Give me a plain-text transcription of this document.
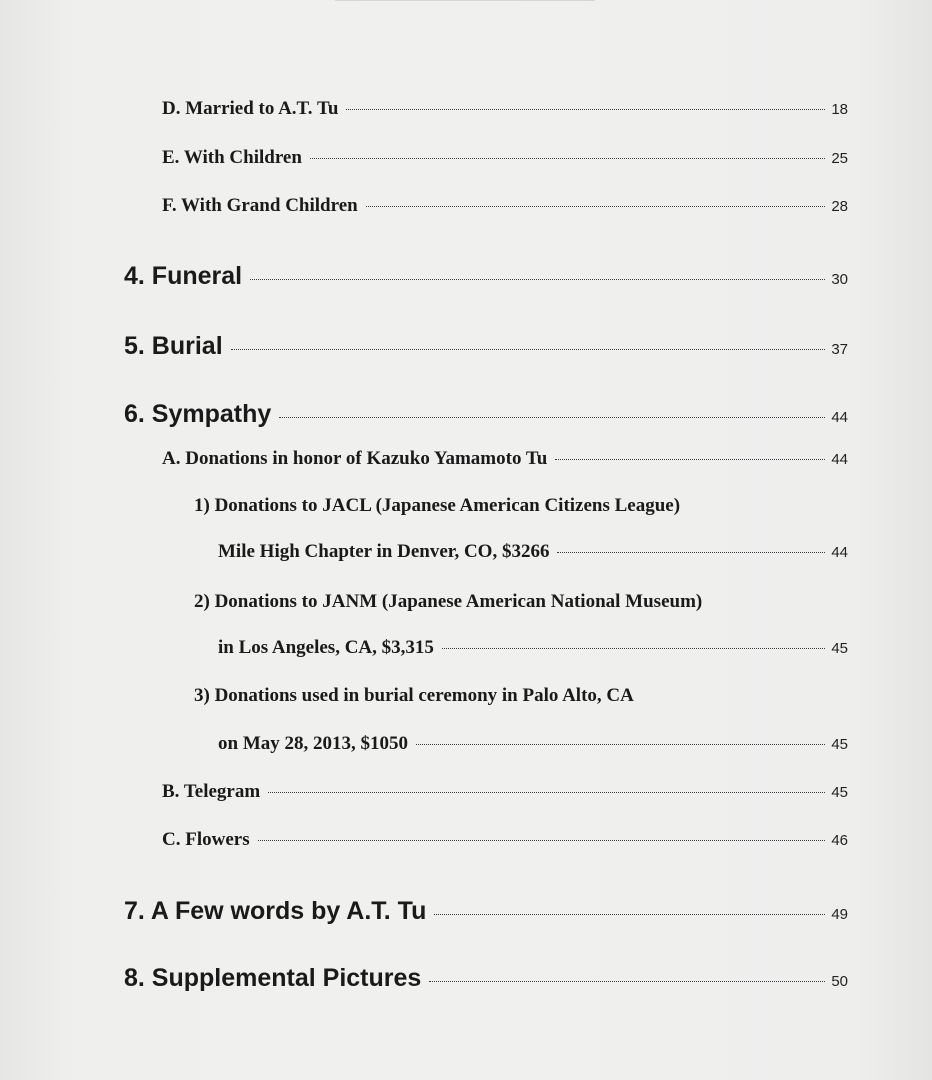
D. Married to A.T. Tu	18
E. With Children	25
F. With Grand Children	28
4. Funeral	30
5. Burial	37
6. Sympathy	44
A. Donations in honor of Kazuko Yamamoto Tu	44
1) Donations to JACL (Japanese American Citizens League)
Mile High Chapter in Denver, CO, $3266	44
2) Donations to JANM (Japanese American National Museum)
in Los Angeles, CA, $3,315	45
3) Donations used in burial ceremony in Palo Alto, CA
on May 28, 2013, $1050	45
B. Telegram	45
C. Flowers	46
7. A Few words by A.T. Tu	49
8. Supplemental Pictures	50
